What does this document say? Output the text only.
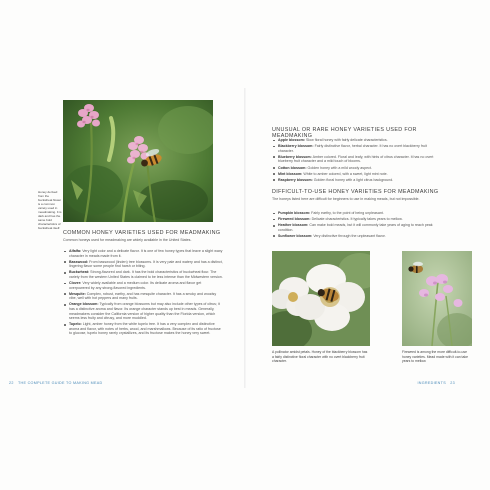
Honey derived from the buckwheat flower is a common variety used in meadmaking. It is dark and has the same bold characteristics of buckwheat itself.
COMMON HONEY VARIETIES USED FOR MEADMAKING
Common honeys used for meadmaking are widely available in the United States.
Alfalfa: Very light color and a delicate flavor. It is one of few honey types that leave a slight waxy character in meads made from it.
Basswood: From basswood (linden) tree blossoms. It is very pale and watery and has a distinct, lingering flavor some people find harsh or biting.
Buckwheat: Strong-flavored and dark. It has the bold characteristics of buckwheat flour. The variety from the western United States is claimed to be less intense than the Midwestern version.
Clover: Very widely available and a medium color. Its delicate aroma and flavor get overpowered by any strong-flavored ingredients.
Mesquite: Complex, robust, earthy, and has mesquite character. It has a smoky and woodsy vibe, well with hot peppers and many fruits.
Orange blossom: Typically from orange blossoms but may also include other types of citrus; it has a distinctive aroma and flavor. Its orange character stands up best in meads. Generally, meadmakers consider the California version of higher quality than the Florida version, which seems less fruity and citrusy, and more muddled.
Tupelo: Light, amber honey from the white tupelo tree. It has a very complex and distinctive aroma and flavor, with notes of herbs, wood, and marshmallows. Because of its ratio of fructose to glucose, tupelo honey rarely crystallizes, and its fructose makes the honey very sweet.
22 THE COMPLETE GUIDE TO MAKING MEAD
UNUSUAL OR RARE HONEY VARIETIES USED FOR MEADMAKING
Apple blossom: Slow floral honey with fairly delicate characteristics.
Blackberry blossom: Fairly distinctive flavor, herbal character. It has no overt blackberry fruit character.
Blueberry blossom: Amber colored. Floral and leafy, with hints of citrus character. It has no overt blueberry fruit character and a mild touch of blooms.
Cotton blossom: Golden honey with a mild woody aspect.
Mint blossom: White to amber colored, with a sweet, light mint note.
Raspberry blossom: Golden floral honey with a light citrus background.
DIFFICULT-TO-USE HONEY VARIETIES FOR MEADMAKING
The honeys listed here are difficult for beginners to use in making meads, but not impossible.
Pumpkin blossom: Fairly earthy, to the point of being unpleasant.
Fireweed blossom: Delicate characteristics. It typically takes years to mellow.
Heather blossom: Can make bold meads, but it will commonly take years of aging to reach peak condition.
Sunflower blossom: Very distinctive through the unpleasant flavor.
A pollinator amidst petals. Honey of the blackberry blossom has a fairly distinctive floral character with no overt blackberry fruit character.
Fireweed is among the more difficult-to-use honey varieties. Mead made with it can take years to mellow.
INGREDIENTS 23
